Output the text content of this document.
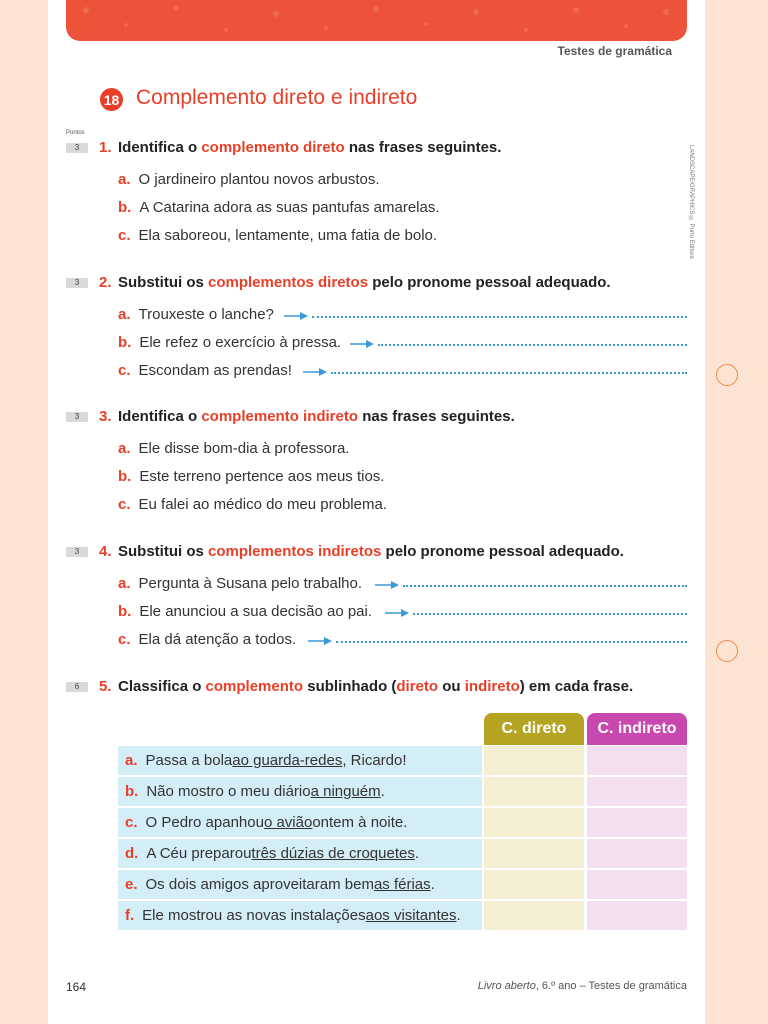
Testes de gramática
18 Complemento direto e indireto
LANDSCAPE/GRAPHICS © Porto Editora
Pontos
3	1. Identifica o complemento direto nas frases seguintes.
a. O jardineiro plantou novos arbustos.
b. A Catarina adora as suas pantufas amarelas.
c. Ela saboreou, lentamente, uma fatia de bolo.
3	2. Substitui os complementos diretos pelo pronome pessoal adequado.
a. Trouxeste o lanche?
b. Ele refez o exercício à pressa.
c. Escondam as prendas!
3	3. Identifica o complemento indireto nas frases seguintes.
a. Ele disse bom-dia à professora.
b. Este terreno pertence aos meus tios.
c. Eu falei ao médico do meu problema.
3	4. Substitui os complementos indiretos pelo pronome pessoal adequado.
a. Pergunta à Susana pelo trabalho.
b. Ele anunciou a sua decisão ao pai.
c. Ela dá atenção a todos.
6	5. Classifica o complemento sublinhado (direto ou indireto) em cada frase.
C. direto	C. indireto
a. Passa a bola ao guarda-redes , Ricardo!
b. Não mostro o meu diário a ninguém .
c. O Pedro apanhou o avião ontem à noite.
d. A Céu preparou três dúzias de croquetes .
e. Os dois amigos aproveitaram bem as férias .
f. Ele mostrou as novas instalações aos visitantes .
164	Livro aberto, 6.º ano – Testes de gramática
